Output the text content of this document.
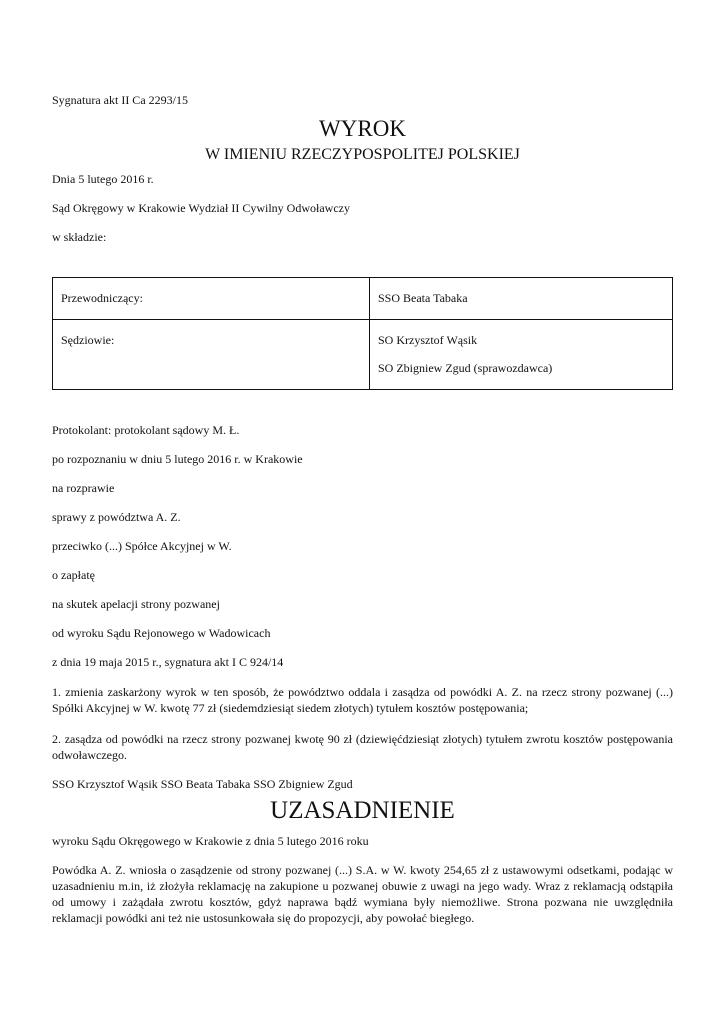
Sygnatura akt II Ca 2293/15
WYROK
W IMIENIU RZECZYPOSPOLITEJ POLSKIEJ
Dnia 5 lutego 2016 r.
Sąd Okręgowy w Krakowie Wydział II Cywilny Odwoławczy
w składzie:
Przewodniczący:	SSO Beata Tabaka

Sędziowie:	SO Krzysztof Wąsik
SO Zbigniew Zgud (sprawozdawca)
Protokolant: protokolant sądowy M. Ł.
po rozpoznaniu w dniu 5 lutego 2016 r. w Krakowie
na rozprawie
sprawy z powództwa A. Z.
przeciwko (...) Spółce Akcyjnej w W.
o zapłatę
na skutek apelacji strony pozwanej
od wyroku Sądu Rejonowego w Wadowicach
z dnia 19 maja 2015 r., sygnatura akt I C 924/14
1. zmienia zaskarżony wyrok w ten sposób, że powództwo oddala i zasądza od powódki A. Z. na rzecz strony pozwanej (...) Spółki Akcyjnej w W. kwotę 77 zł (siedemdziesiąt siedem złotych) tytułem kosztów postępowania;
2. zasądza od powódki na rzecz strony pozwanej kwotę 90 zł (dziewięćdziesiąt złotych) tytułem zwrotu kosztów postępowania odwoławczego.
SSO Krzysztof Wąsik SSO Beata Tabaka SSO Zbigniew Zgud
UZASADNIENIE
wyroku Sądu Okręgowego w Krakowie z dnia 5 lutego 2016 roku
Powódka A. Z. wniosła o zasądzenie od strony pozwanej (...) S.A. w W. kwoty 254,65 zł z ustawowymi odsetkami, podając w uzasadnieniu m.in, iż złożyła reklamację na zakupione u pozwanej obuwie z uwagi na jego wady. Wraz z reklamacją odstąpiła od umowy i zażądała zwrotu kosztów, gdyż naprawa bądź wymiana były niemożliwe. Strona pozwana nie uwzględniła reklamacji powódki ani też nie ustosunkowała się do propozycji, aby powołać biegłego.
